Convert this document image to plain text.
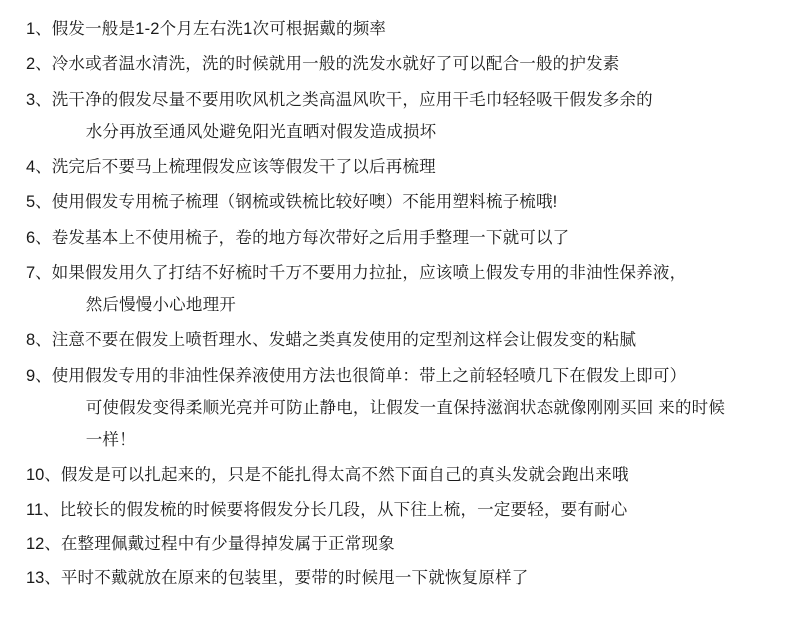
1、 假发一般是1-2个月左右洗1次可根据戴的频率
2、 冷水或者温水清洗，洗的时候就用一般的洗发水就好了可以配合一般的护发素
3、 洗干净的假发尽量不要用吹风机之类高温风吹干，应用干毛巾轻轻吸干假发多余的
水分再放至通风处避免阳光直晒对假发造成损坏
4、 洗完后不要马上梳理假发应该等假发干了以后再梳理
5、 使用假发专用梳子梳理（钢梳或铁梳比较好噢）不能用塑料梳子梳哦!
6、 卷发基本上不使用梳子，卷的地方每次带好之后用手整理一下就可以了
7、 如果假发用久了打结不好梳时千万不要用力拉扯，应该喷上假发专用的非油性保养液，
然后慢慢小心地理开
8、 注意不要在假发上喷哲理水、发蜡之类真发使用的定型剂这样会让假发变的粘腻
9、 使用假发专用的非油性保养液使用方法也很简单：带上之前轻轻喷几下在假发上即可）
可使假发变得柔顺光亮并可防止静电，让假发一直保持滋润状态就像刚刚买回 来的时候
一样！
10、 假发是可以扎起来的，只是不能扎得太高不然下面自己的真头发就会跑出来哦
11、 比较长的假发梳的时候要将假发分长几段，从下往上梳，一定要轻，要有耐心
12、 在整理佩戴过程中有少量得掉发属于正常现象
13、 平时不戴就放在原来的包装里，要带的时候甩一下就恢复原样了
